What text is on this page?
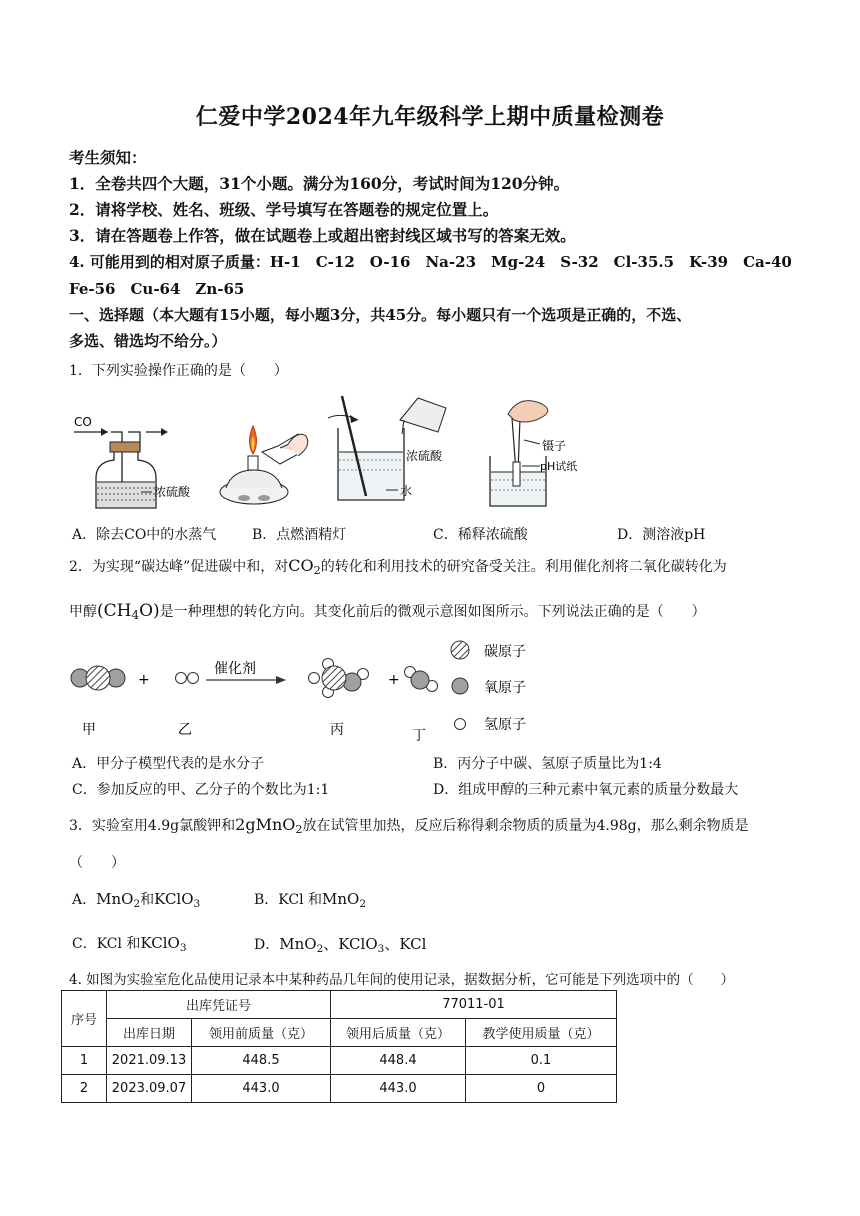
仁爱中学2024年九年级科学上期中质量检测卷
考生须知：
1．全卷共四个大题，31个小题。满分为160分，考试时间为120分钟。
2．请将学校、姓名、班级、学号填写在答题卷的规定位置上。
3．请在答题卷上作答，做在试题卷上或超出密封线区域书写的答案无效。
4. 可能用到的相对原子质量：H-1　C-12　O-16　Na-23　Mg-24　S-32　Cl-35.5　K-39　Ca-40
Fe-56　Cu-64　Zn-65
一、选择题（本大题有15小题，每小题3分，共45分。每小题只有一个选项是正确的，不选、
多选、错选均不给分。）
1．下列实验操作正确的是（　　）
CO
浓硫酸
浓硫酸
水
镊子
pH试纸
A．除去CO中的水蒸气	B．点燃酒精灯	C．稀释浓硫酸	D．测溶液pH
2．为实现“碳达峰”促进碳中和，对$CO_2$的转化和利用技术的研究备受关注。利用催化剂将二氧化碳转化为
甲醇$(CH_4O)$是一种理想的转化方向。其变化前后的微观示意图如图所示。下列说法正确的是（　　）
+
催化剂
+
碳原子
氧原子
氢原子
甲	乙	丙	丁
A．甲分子模型代表的是水分子	B．丙分子中碳、氢原子质量比为1:4
C．参加反应的甲、乙分子的个数比为1:1	D．组成甲醇的三种元素中氧元素的质量分数最大
3．实验室用4.9g氯酸钾和2gMnO$_2$放在试管里加热，反应后称得剩余物质的质量为4.98g，那么剩余物质是
（　　）
A．MnO$_2$和KClO$_3$	B．KCl 和MnO$_2$
C．KCl 和KClO$_3$	D．MnO$_2$、KClO$_3$、KCl
4. 如图为实验室危化品使用记录本中某种药品几年间的使用记录，据数据分析，它可能是下列选项中的（　　）
序号	出库凭证号		77011-01	
	出库日期	领用前质量（克）	领用后质量（克）	教学使用质量（克）
1	2021.09.13	448.5	448.4	0.1
2	2023.09.07	443.0	443.0	0
